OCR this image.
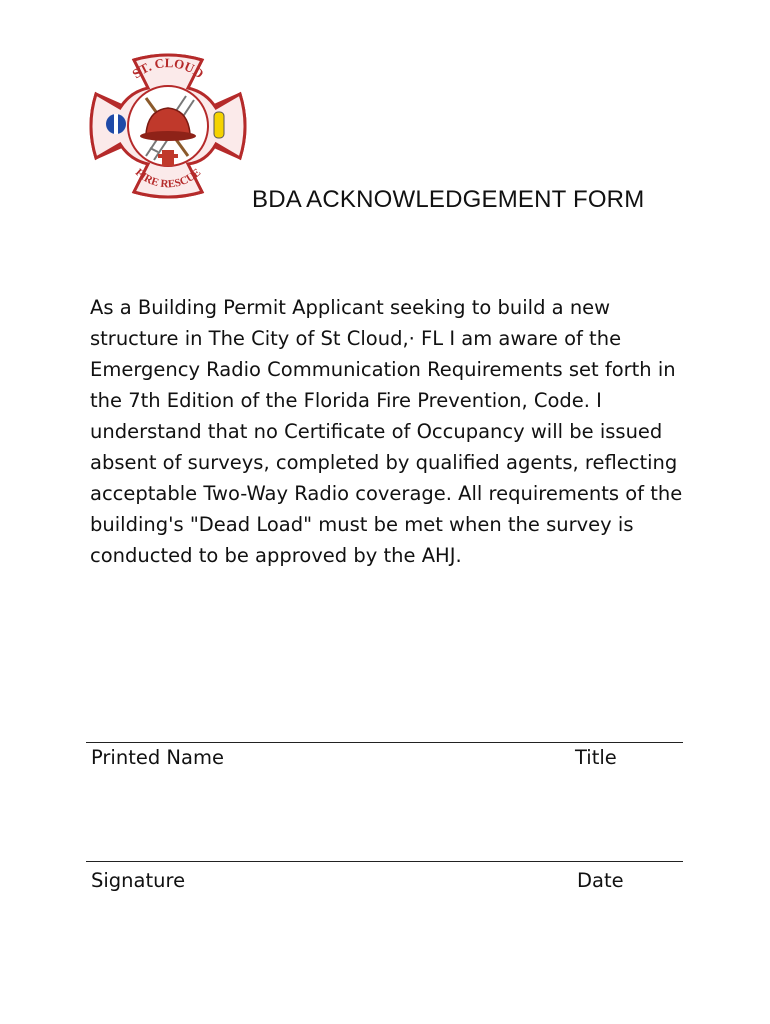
ST. CLOUD
FIRE RESCUE
BDA ACKNOWLEDGEMENT FORM

As a Building Permit Applicant seeking to build a new structure in The City of St Cloud,· FL I am aware of the Emergency Radio Communication Requirements set forth in the 7th Edition of the Florida Fire Prevention, Code. I understand that no Certificate of Occupancy will be issued absent of surveys, completed by qualified agents, reflecting acceptable Two-Way Radio coverage. All requirements of the building's "Dead Load" must be met when the survey is conducted to be approved by the AHJ.

Printed Name	Title
Signature	Date
